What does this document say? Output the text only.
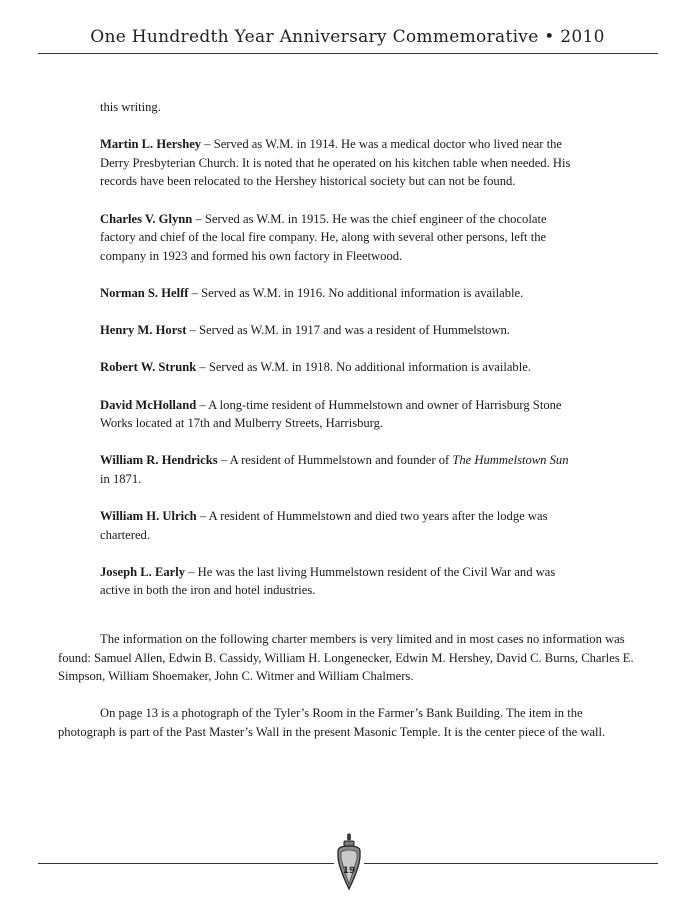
One Hundredth Year Anniversary Commemorative • 2010

this writing.

Martin L. Hershey – Served as W.M. in 1914. He was a medical doctor who lived near the Derry Presbyterian Church. It is noted that he operated on his kitchen table when needed. His records have been relocated to the Hershey historical society but can not be found.

Charles V. Glynn – Served as W.M. in 1915. He was the chief engineer of the chocolate factory and chief of the local fire company. He, along with several other persons, left the company in 1923 and formed his own factory in Fleetwood.

Norman S. Helff – Served as W.M. in 1916. No additional information is available.

Henry M. Horst – Served as W.M. in 1917 and was a resident of Hummelstown.

Robert W. Strunk – Served as W.M. in 1918. No additional information is available.

David McHolland – A long-time resident of Hummelstown and owner of Harrisburg Stone Works located at 17th and Mulberry Streets, Harrisburg.

William R. Hendricks – A resident of Hummelstown and founder of The Hummelstown Sun in 1871.

William H. Ulrich – A resident of Hummelstown and died two years after the lodge was chartered.

Joseph L. Early – He was the last living Hummelstown resident of the Civil War and was active in both the iron and hotel industries.

The information on the following charter members is very limited and in most cases no information was found: Samuel Allen, Edwin B. Cassidy, William H. Longenecker, Edwin M. Hershey, David C. Burns, Charles E. Simpson, William Shoemaker, John C. Witmer and William Chalmers.

On page 13 is a photograph of the Tyler’s Room in the Farmer’s Bank Building. The item in the photograph is part of the Past Master’s Wall in the present Masonic Temple. It is the center piece of the wall.

19
